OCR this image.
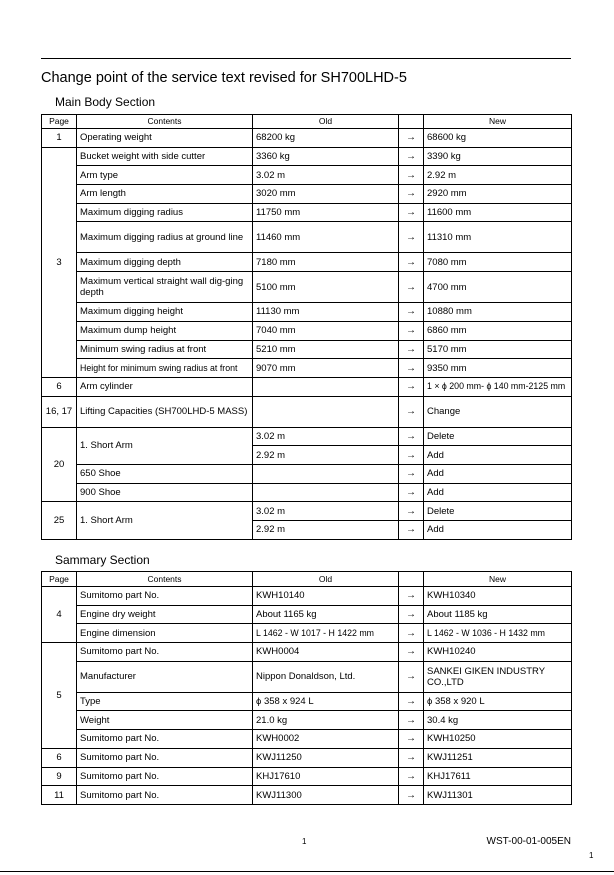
Change point of the service text revised for SH700LHD-5
Main Body Section
Page	Contents	Old		New
1	Operating weight	68200 kg	→	68600 kg
3	Bucket weight with side cutter	3360 kg	→	3390 kg
	Arm type	3.02 m	→	2.92 m
	Arm length	3020 mm	→	2920 mm
	Maximum digging radius	11750 mm	→	11600 mm
	Maximum digging radius at ground line	11460 mm	→	11310 mm
	Maximum digging depth	7180 mm	→	7080 mm
	Maximum vertical straight wall dig-ging depth	5100 mm	→	4700 mm
	Maximum digging height	11130 mm	→	10880 mm
	Maximum dump height	7040 mm	→	6860 mm
	Minimum swing radius at front	5210 mm	→	5170 mm
	Height for minimum swing radius at front	9070 mm	→	9350 mm
6	Arm cylinder		→	1 × ϕ 200 mm- ϕ 140 mm-2125 mm
16, 17	Lifting Capacities (SH700LHD-5 MASS)		→	Change
20	1. Short Arm	3.02 m	→	Delete
		2.92 m	→	Add
	650 Shoe		→	Add
	900 Shoe		→	Add
25	1. Short Arm	3.02 m	→	Delete
		2.92 m	→	Add
Sammary Section
Page	Contents	Old		New
4	Sumitomo part No.	KWH10140	→	KWH10340
	Engine dry weight	About 1165 kg	→	About 1185 kg
	Engine dimension	L 1462 - W 1017 - H 1422 mm	→	L 1462 - W 1036 - H 1432 mm
5	Sumitomo part No.	KWH0004	→	KWH10240
	Manufacturer	Nippon Donaldson, Ltd.	→	SANKEI GIKEN INDUSTRY CO.,LTD
	Type	ϕ 358 x 924 L	→	ϕ 358 x 920 L
	Weight	21.0 kg	→	30.4 kg
	Sumitomo part No.	KWH0002	→	KWH10250
6	Sumitomo part No.	KWJ11250	→	KWJ11251
9	Sumitomo part No.	KHJ17610	→	KHJ17611
11	Sumitomo part No.	KWJ11300	→	KWJ11301
1	WST-00-01-005EN
1
